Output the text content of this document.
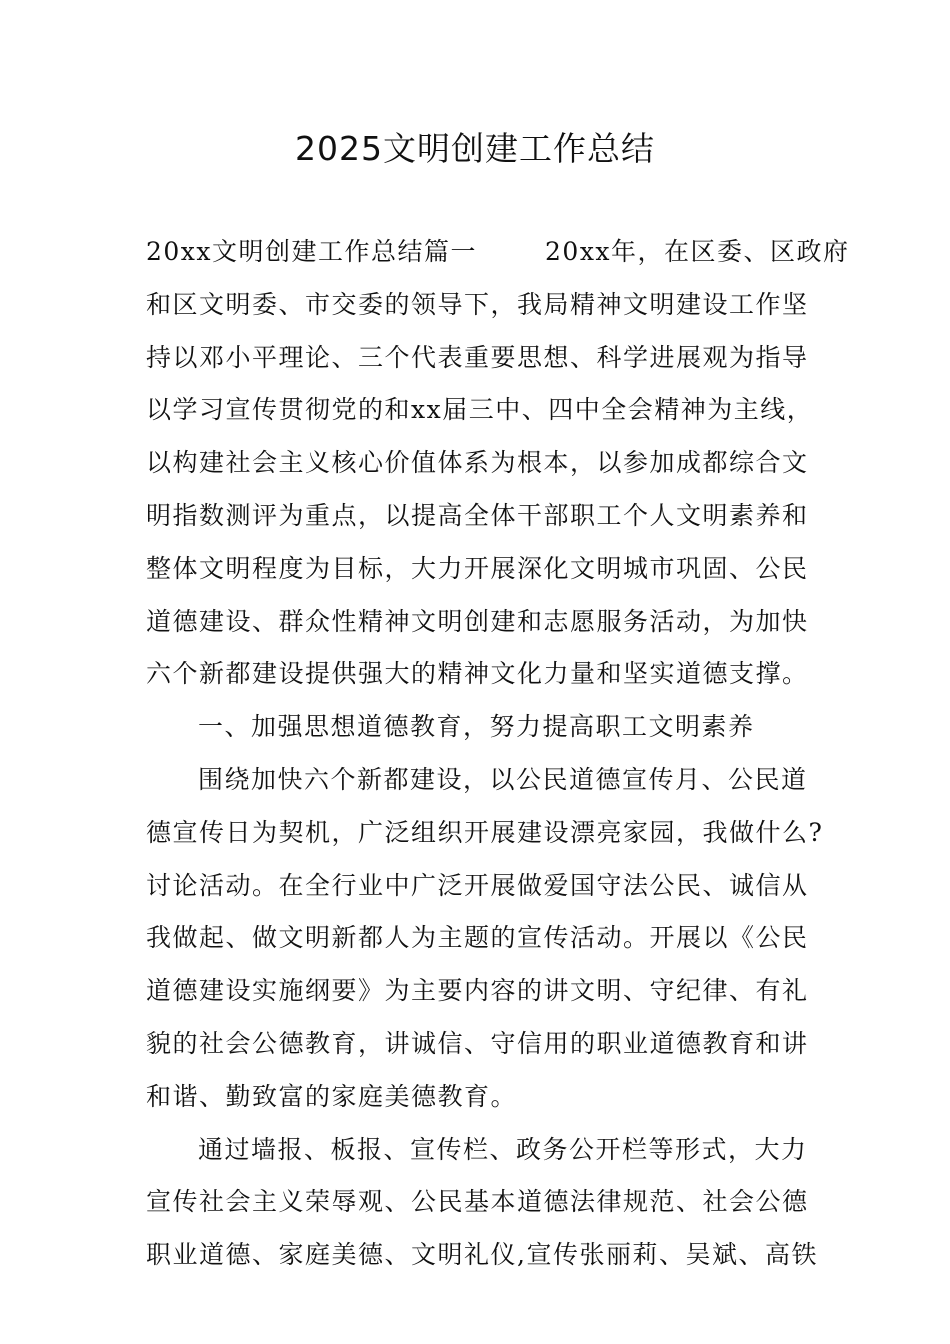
2025文明创建工作总结
20xx文明创建工作总结篇一	20xx年，在区委、区政府
和区文明委、市交委的领导下，我局精神文明建设工作坚
持以邓小平理论、三个代表重要思想、科学进展观为指导
以学习宣传贯彻党的和xx届三中、四中全会精神为主线，
以构建社会主义核心价值体系为根本，以参加成都综合文
明指数测评为重点，以提高全体干部职工个人文明素养和
整体文明程度为目标，大力开展深化文明城市巩固、公民
道德建设、群众性精神文明创建和志愿服务活动，为加快
六个新都建设提供强大的精神文化力量和坚实道德支撑。
一、加强思想道德教育，努力提高职工文明素养
围绕加快六个新都建设，以公民道德宣传月、公民道
德宣传日为契机，广泛组织开展建设漂亮家园，我做什么?
讨论活动。在全行业中广泛开展做爱国守法公民、诚信从
我做起、做文明新都人为主题的宣传活动。开展以《公民
道德建设实施纲要》为主要内容的讲文明、守纪律、有礼
貌的社会公德教育，讲诚信、守信用的职业道德教育和讲
和谐、勤致富的家庭美德教育。
通过墙报、板报、宣传栏、政务公开栏等形式，大力
宣传社会主义荣辱观、公民基本道德法律规范、社会公德
职业道德、家庭美德、文明礼仪,宣传张丽莉、吴斌、高铁
